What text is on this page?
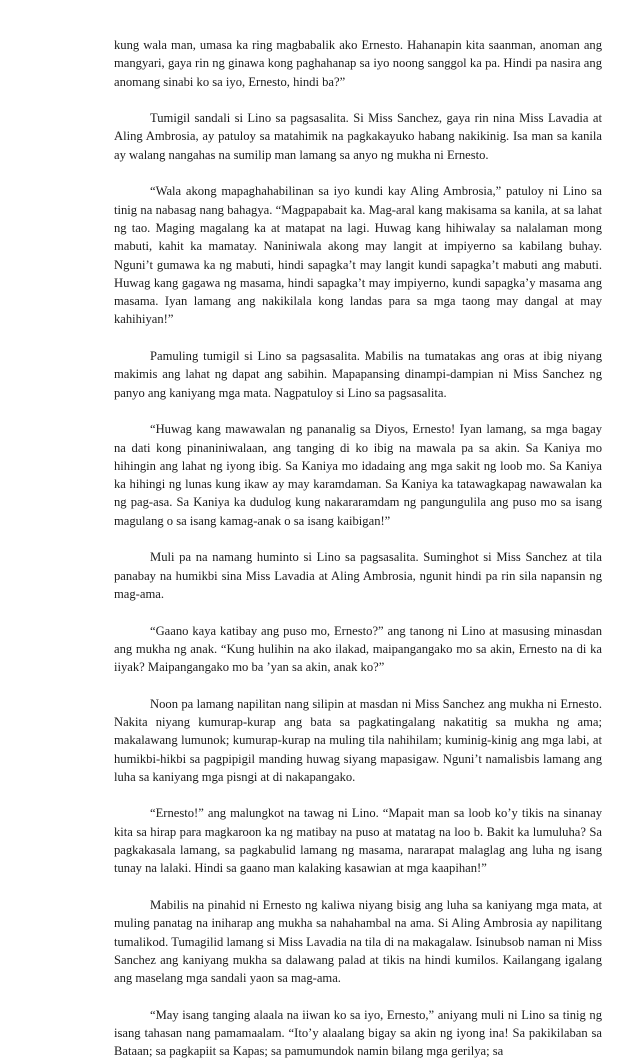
kung wala man, umasa ka ring magbabalik ako Ernesto. Hahanapin kita saanman, anoman ang mangyari, gaya rin ng ginawa kong paghahanap sa iyo noong sanggol ka pa. Hindi pa nasira ang anomang sinabi ko sa iyo, Ernesto, hindi ba?”

Tumigil sandali si Lino sa pagsasalita. Si Miss Sanchez, gaya rin nina Miss Lavadia at Aling Ambrosia, ay patuloy sa matahimik na pagkakayuko habang nakikinig. Isa man sa kanila ay walang nangahas na sumilip man lamang sa anyo ng mukha ni Ernesto.

“Wala akong mapaghahabilinan sa iyo kundi kay Aling Ambrosia,” patuloy ni Lino sa tinig na nabasag nang bahagya. “Magpapabait ka. Mag-aral kang makisama sa kanila, at sa lahat ng tao. Maging magalang ka at matapat na lagi. Huwag kang hihiwalay sa nalalaman mong mabuti, kahit ka mamatay. Naniniwala akong may langit at impiyerno sa kabilang buhay. Nguni’t gumawa ka ng mabuti, hindi sapagka’t may langit kundi sapagka’t mabuti ang mabuti. Huwag kang gagawa ng masama, hindi sapagka’t may impiyerno, kundi sapagka’y masama ang masama. Iyan lamang ang nakikilala kong landas para sa mga taong may dangal at may kahihiyan!”

Pamuling tumigil si Lino sa pagsasalita. Mabilis na tumatakas ang oras at ibig niyang makimis ang lahat ng dapat ang sabihin. Mapapansing dinampi-dampian ni Miss Sanchez ng panyo ang kaniyang mga mata. Nagpatuloy si Lino sa pagsasalita.

“Huwag kang mawawalan ng pananalig sa Diyos, Ernesto! Iyan lamang, sa mga bagay na dati kong pinaniniwalaan, ang tanging di ko ibig na mawala pa sa akin. Sa Kaniya mo hihingin ang lahat ng iyong ibig. Sa Kaniya mo idadaing ang mga sakit ng loob mo. Sa Kaniya ka hihingi ng lunas kung ikaw ay may karamdaman. Sa Kaniya ka tatawagkapag nawawalan ka ng pag-asa. Sa Kaniya ka dudulog kung nakararamdam ng pangungulila ang puso mo sa isang magulang o sa isang kamag-anak o sa isang kaibigan!”

Muli pa na namang huminto si Lino sa pagsasalita. Suminghot si Miss Sanchez at tila panabay na humikbi sina Miss Lavadia at Aling Ambrosia, ngunit hindi pa rin sila napansin ng mag-ama.

“Gaano kaya katibay ang puso mo, Ernesto?” ang tanong ni Lino at masusing minasdan ang mukha ng anak. “Kung hulihin na ako ilakad, maipangangako mo sa akin, Ernesto na di ka iiyak? Maipangangako mo ba ’yan sa akin, anak ko?”

Noon pa lamang napilitan nang silipin at masdan ni Miss Sanchez ang mukha ni Ernesto. Nakita niyang kumurap-kurap ang bata sa pagkatingalang nakatitig sa mukha ng ama; makalawang lumunok; kumurap-kurap na muling tila nahihilam; kuminig-kinig ang mga labi, at humikbi-hikbi sa pagpipigil manding huwag siyang mapasigaw. Nguni’t namalisbis lamang ang luha sa kaniyang mga pisngi at di nakapangako.

“Ernesto!” ang malungkot na tawag ni Lino. “Mapait man sa loob ko’y tikis na sinanay kita sa hirap para magkaroon ka ng matibay na puso at matatag na loo b. Bakit ka lumuluha? Sa pagkakasala lamang, sa pagkabulid lamang ng masama, nararapat malaglag ang luha ng isang tunay na lalaki. Hindi sa gaano man kalaking kasawian at mga kaapihan!”

Mabilis na pinahid ni Ernesto ng kaliwa niyang bisig ang luha sa kaniyang mga mata, at muling panatag na iniharap ang mukha sa nahahambal na ama. Si Aling Ambrosia ay napilitang tumalikod. Tumagilid lamang si Miss Lavadia na tila di na makagalaw. Isinubsob naman ni Miss Sanchez ang kaniyang mukha sa dalawang palad at tikis na hindi kumilos. Kailangang igalang ang maselang mga sandali yaon sa mag-ama.

“May isang tanging alaala na iiwan ko sa iyo, Ernesto,” aniyang muli ni Lino sa tinig ng isang tahasan nang pamamaalam. “Ito’y alaalang bigay sa akin ng iyong ina! Sa pakikilaban sa Bataan; sa pagkapiit sa Kapas; sa pamumundok namin bilang mga gerilya; sa
